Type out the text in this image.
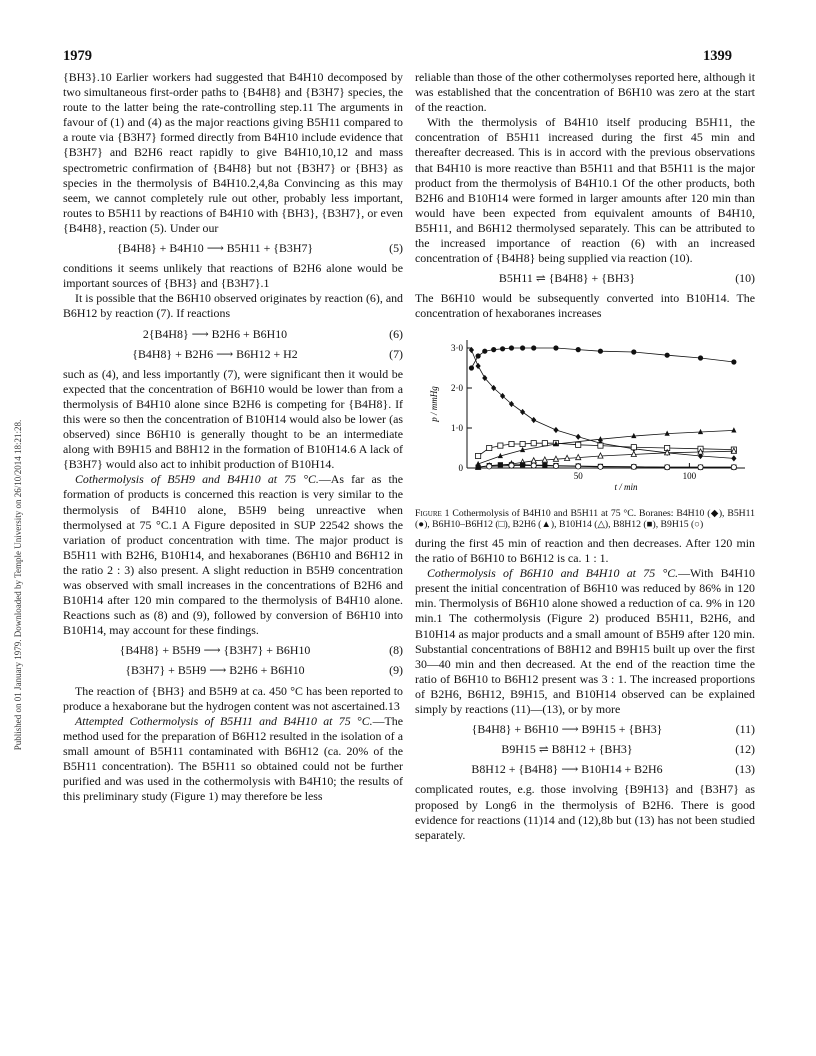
1979	1399
Published on 01 January 1979. Downloaded by Temple University on 26/10/2014 18:21:28.

{BH3}.10 Earlier workers had suggested that B4H10 decomposed by two simultaneous first-order paths to {B4H8} and {B3H7} species, the route to the latter being the rate-controlling step.11 The arguments in favour of (1) and (4) as the major reactions giving B5H11 compared to a route via {B3H7} formed directly from B4H10 include evidence that {B3H7} and B2H6 react rapidly to give B4H10,10,12 and mass spectrometric confirmation of {B4H8} but not {B3H7} or {BH3} as species in the thermolysis of B4H10.2,4,8a Convincing as this may seem, we cannot completely rule out other, probably less important, routes to B5H11 by reactions of B4H10 with {BH3}, {B3H7}, or even {B4H8}, reaction (5). Under our

{B4H8} + B4H10 ⟶ B5H11 + {B3H7}	(5)

conditions it seems unlikely that reactions of B2H6 alone would be important sources of {BH3} and {B3H7}.1

It is possible that the B6H10 observed originates by reaction (6), and B6H12 by reaction (7). If reactions

2{B4H8} ⟶ B2H6 + B6H10	(6)
{B4H8} + B2H6 ⟶ B6H12 + H2	(7)

such as (4), and less importantly (7), were significant then it would be expected that the concentration of B6H10 would be lower than from a thermolysis of B4H10 alone since B2H6 is competing for {B4H8}. If this were so then the concentration of B10H14 would also be lower (as observed) since B6H10 is generally thought to be an intermediate along with B9H15 and B8H12 in the formation of B10H14.6 A lack of {B3H7} would also act to inhibit production of B10H14.

Cothermolysis of B5H9 and B4H10 at 75 °C.—As far as the formation of products is concerned this reaction is very similar to the thermolysis of B4H10 alone, B5H9 being unreactive when thermolysed at 75 °C.1 A Figure deposited in SUP 22542 shows the variation of product concentration with time. The major product is B5H11 with B2H6, B10H14, and hexaboranes (B6H10 and B6H12 in the ratio 2 : 3) also present. A slight reduction in B5H9 concentration was observed with small increases in the concentrations of B2H6 and B10H14 after 120 min compared to the thermolysis of B4H10 alone. Reactions such as (8) and (9), followed by conversion of B6H10 into B10H14, may account for these findings.

{B4H8} + B5H9 ⟶ {B3H7} + B6H10	(8)
{B3H7} + B5H9 ⟶ B2H6 + B6H10	(9)

The reaction of {BH3} and B5H9 at ca. 450 °C has been reported to produce a hexaborane but the hydrogen content was not ascertained.13

Attempted Cothermolysis of B5H11 and B4H10 at 75 °C.—The method used for the preparation of B6H12 resulted in the isolation of a small amount of B5H11 contaminated with B6H12 (ca. 20% of the B5H11 concentration). The B5H11 so obtained could not be further purified and was used in the cothermolysis with B4H10; the results of this preliminary study (Figure 1) may therefore be less

reliable than those of the other cothermolyses reported here, although it was established that the concentration of B6H10 was zero at the start of the reaction.

With the thermolysis of B4H10 itself producing B5H11, the concentration of B5H11 increased during the first 45 min and thereafter decreased. This is in accord with the previous observations that B4H10 is more reactive than B5H11 and that B5H11 is the major product from the thermolysis of B4H10.1 Of the other products, both B2H6 and B10H14 were formed in larger amounts after 120 min than would have been expected from equivalent amounts of B4H10, B5H11, and B6H12 thermolysed separately. This can be attributed to the increased importance of reaction (6) with an increased concentration of {B4H8} being supplied via reaction (10).

B5H11 ⇌ {B4H8} + {BH3}	(10)

The B6H10 would be subsequently converted into B10H14. The concentration of hexaboranes increases

0
1·0
2·0
3·0
50	100
t / min
p / mmHg
Figure 1 Cothermolysis of B4H10 and B5H11 at 75 °C. Boranes: B4H10 (◆), B5H11 (●), B6H10–B6H12 (□), B2H6 (▲), B10H14 (△), B8H12 (■), B9H15 (○)

during the first 45 min of reaction and then decreases. After 120 min the ratio of B6H10 to B6H12 is ca. 1 : 1.

Cothermolysis of B6H10 and B4H10 at 75 °C.—With B4H10 present the initial concentration of B6H10 was reduced by 86% in 120 min. Thermolysis of B6H10 alone showed a reduction of ca. 9% in 120 min.1 The cothermolysis (Figure 2) produced B5H11, B2H6, and B10H14 as major products and a small amount of B5H9 after 120 min. Substantial concentrations of B8H12 and B9H15 built up over the first 30—40 min and then decreased. At the end of the reaction time the ratio of B6H10 to B6H12 present was 3 : 1. The increased proportions of B2H6, B6H12, B9H15, and B10H14 observed can be explained simply by reactions (11)—(13), or by more

{B4H8} + B6H10 ⟶ B9H15 + {BH3}	(11)
B9H15 ⇌ B8H12 + {BH3}	(12)
B8H12 + {B4H8} ⟶ B10H14 + B2H6	(13)

complicated routes, e.g. those involving {B9H13} and {B3H7} as proposed by Long6 in the thermolysis of B2H6. There is good evidence for reactions (11)14 and (12),8b but (13) has not been studied separately.
